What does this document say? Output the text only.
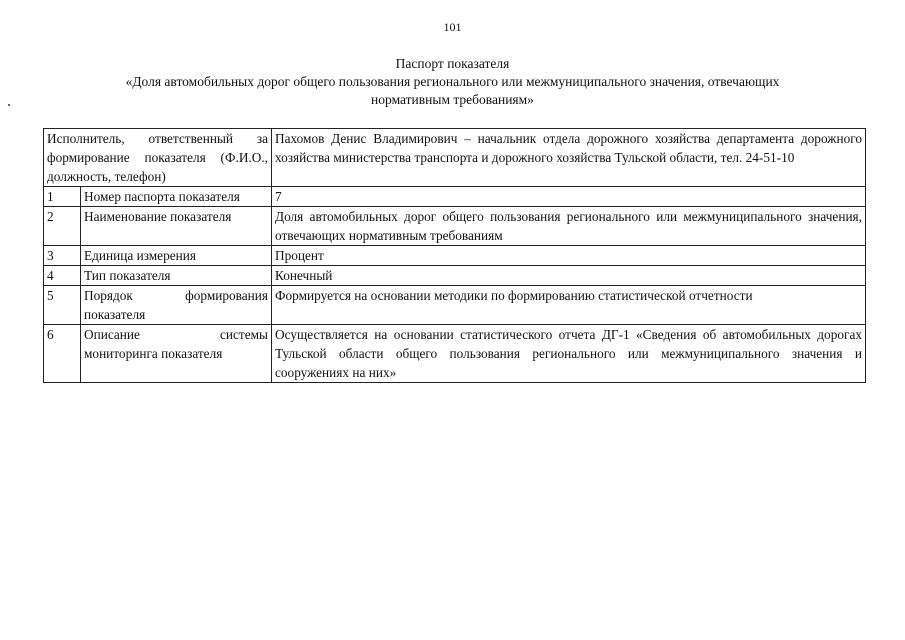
101
Паспорт показателя
«Доля автомобильных дорог общего пользования регионального или межмуниципального значения, отвечающих
нормативным требованиям»
Исполнитель, ответственный за формирование показателя (Ф.И.О., должность, телефон)		Пахомов Денис Владимирович – начальник отдела дорожного хозяйства департамента дорожного хозяйства министерства транспорта и дорожного хозяйства Тульской области, тел. 24-51-10
1	Номер паспорта показателя	7
2	Наименование показателя	Доля автомобильных дорог общего пользования регионального или межмуниципального значения, отвечающих нормативным требованиям
3	Единица измерения	Процент
4	Тип показателя	Конечный
5	Порядок формирования показателя	Формируется на основании методики по формированию статистической отчетности
6	Описание системы мониторинга показателя	Осуществляется на основании статистического отчета ДГ-1 «Сведения об автомобильных дорогах Тульской области общего пользования регионального или межмуниципального значения и сооружениях на них»
